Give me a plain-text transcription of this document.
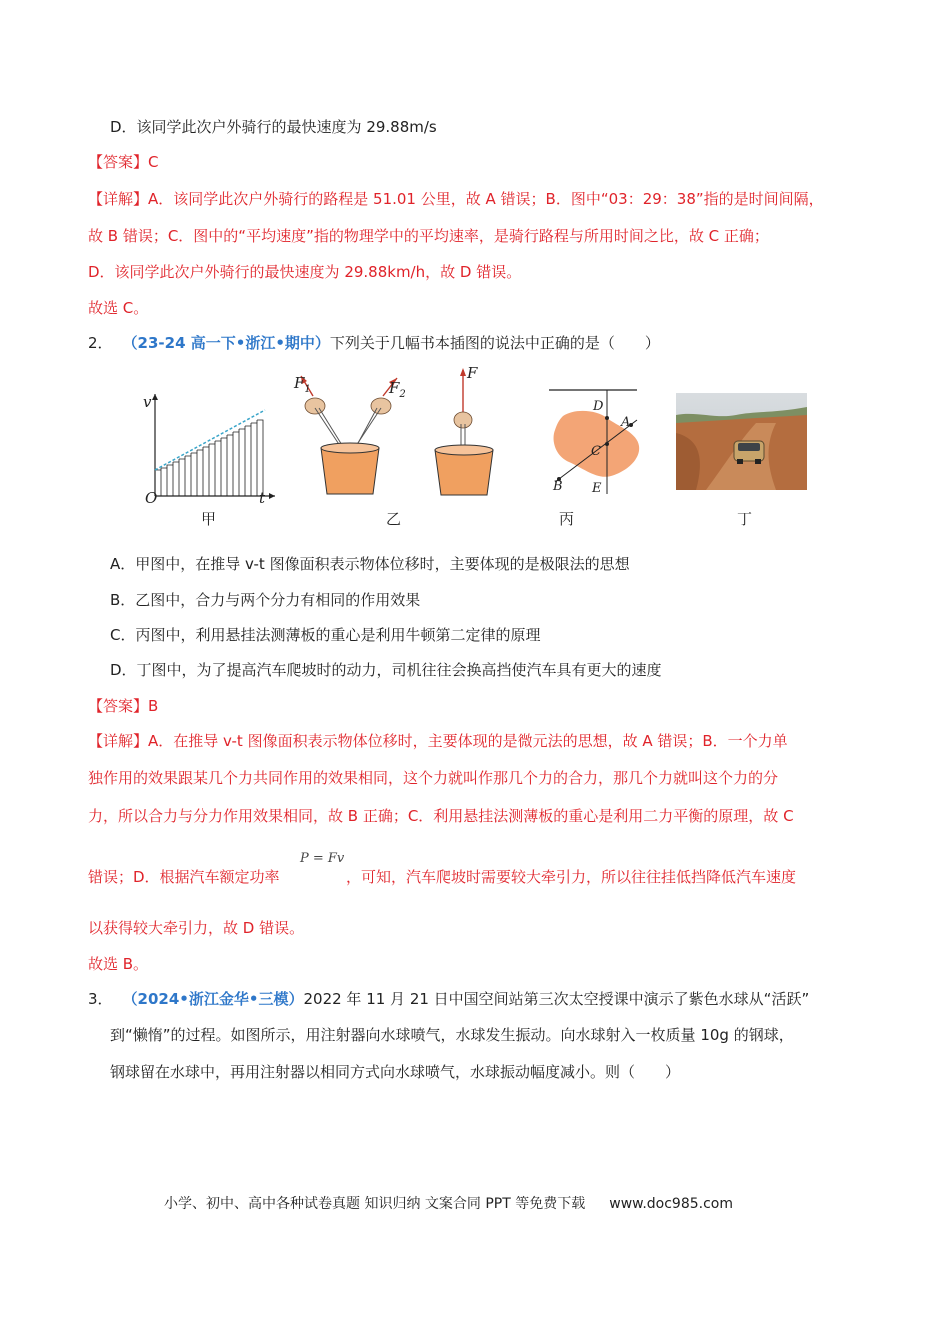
D．该同学此次户外骑行的最快速度为 29.88m/s
【答案】C
【详解】A．该同学此次户外骑行的路程是 51.01 公里，故 A 错误；B．图中“03：29：38”指的是时间间隔，
故 B 错误；C．图中的“平均速度”指的物理学中的平均速率，是骑行路程与所用时间之比，故 C 正确；
D．该同学此次户外骑行的最快速度为 29.88km/h，故 D 错误。
故选 C。
2． （23-24 高一下•浙江•期中）下列关于几幅书本插图的说法中正确的是（　　）
v
t
O
甲
$F_1$	$F_2$
F
乙
D
A
C
B E
丙	丁
A．甲图中，在推导 v-t 图像面积表示物体位移时，主要体现的是极限法的思想
B．乙图中，合力与两个分力有相同的作用效果
C．丙图中，利用悬挂法测薄板的重心是利用牛顿第二定律的原理
D．丁图中，为了提高汽车爬坡时的动力，司机往往会换高挡使汽车具有更大的速度
【答案】B
【详解】A．在推导 v-t 图像面积表示物体位移时，主要体现的是微元法的思想，故 A 错误；B．一个力单
独作用的效果跟某几个力共同作用的效果相同，这个力就叫作那几个力的合力，那几个力就叫这个力的分
力，所以合力与分力作用效果相同，故 B 正确；C．利用悬挂法测薄板的重心是利用二力平衡的原理，故 C
错误；D．根据汽车额定功率
P = Fv
，可知，汽车爬坡时需要较大牵引力，所以往往挂低挡降低汽车速度
以获得较大牵引力，故 D 错误。
故选 B。
3． （2024•浙江金华•三模）2022 年 11 月 21 日中国空间站第三次太空授课中演示了紫色水球从“活跃”
到“懒惰”的过程。如图所示，用注射器向水球喷气，水球发生振动。向水球射入一枚质量 10g 的钢球，
钢球留在水球中，再用注射器以相同方式向水球喷气，水球振动幅度减小。则（　　）
小学、初中、高中各种试卷真题 知识归纳 文案合同 PPT 等免费下载 www.doc985.com
